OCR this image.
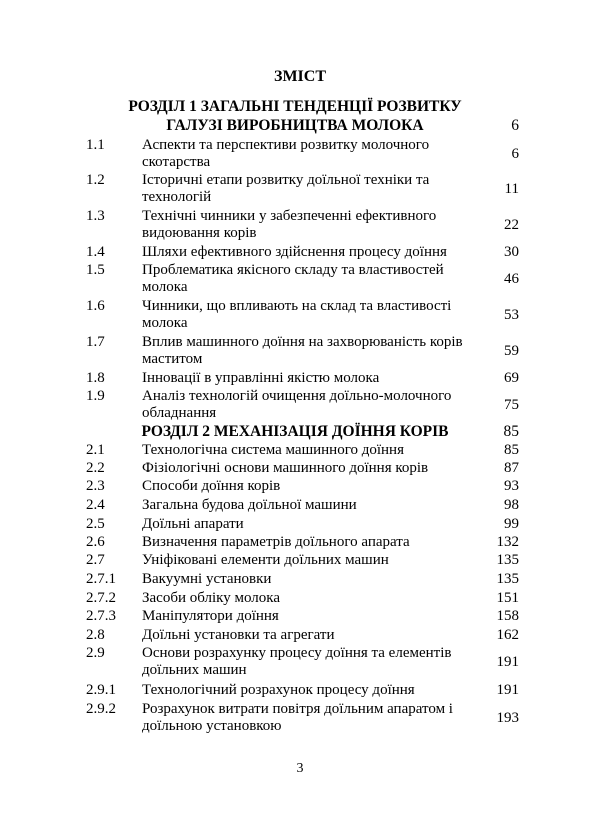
ЗМІСТ
РОЗДІЛ 1 ЗАГАЛЬНІ ТЕНДЕНЦІЇ РОЗВИТКУ
ГАЛУЗІ ВИРОБНИЦТВА МОЛОКА	6
1.1 Аспекти та перспективи розвитку молочного
скотарства	6
1.2 Історичні етапи розвитку доїльної техніки та
технологій	11
1.3 Технічні чинники у забезпеченні ефективного
видоювання корів	22
1.4 Шляхи ефективного здійснення процесу доїння	30
1.5 Проблематика якісного складу та властивостей
молока	46
1.6 Чинники, що впливають на склад та властивості
молока	53
1.7 Вплив машинного доїння на захворюваність корів
маститом	59
1.8 Інновації в управлінні якістю молока	69
1.9 Аналіз технологій очищення доїльно-молочного
обладнання	75
РОЗДІЛ 2 МЕХАНІЗАЦІЯ ДОЇННЯ КОРІВ	85
2.1 Технологічна система машинного доїння	85
2.2 Фізіологічні основи машинного доїння корів	87
2.3 Способи доїння корів	93
2.4 Загальна будова доїльної машини	98
2.5 Доїльні апарати	99
2.6 Визначення параметрів доїльного апарата	132
2.7 Уніфіковані елементи доїльних машин	135
2.7.1 Вакуумні установки	135
2.7.2 Засоби обліку молока	151
2.7.3 Маніпулятори доїння	158
2.8 Доїльні установки та агрегати	162
2.9 Основи розрахунку процесу доїння та елементів
доїльних машин	191
2.9.1 Технологічний розрахунок процесу доїння	191
2.9.2 Розрахунок витрати повітря доїльним апаратом і
доїльною установкою	193
3
